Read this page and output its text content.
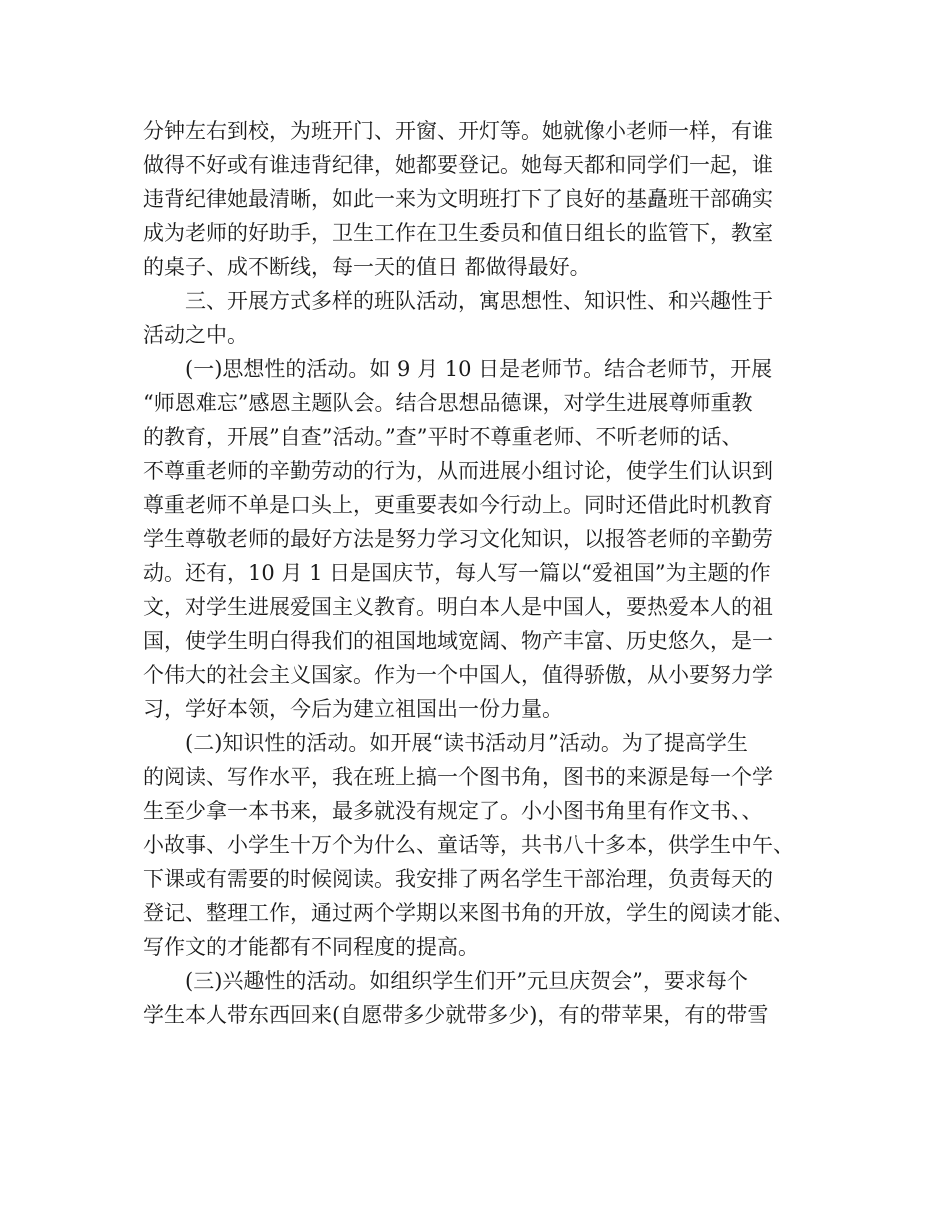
分钟左右到校，为班开门、开窗、开灯等。她就像小老师一样，有谁
做得不好或有谁违背纪律，她都要登记。她每天都和同学们一起，谁
违背纪律她最清晰，如此一来为文明班打下了良好的基矗班干部确实
成为老师的好助手，卫生工作在卫生委员和值日组长的监管下，教室
的桌子、成不断线，每一天的值日 都做得最好。
三、开展方式多样的班队活动，寓思想性、知识性、和兴趣性于
活动之中。
(一)思想性的活动。如 9 月 10 日是老师节。结合老师节，开展
“师恩难忘”感恩主题队会。结合思想品德课，对学生进展尊师重教
的教育，开展”自查”活动。”查”平时不尊重老师、不听老师的话、
不尊重老师的辛勤劳动的行为，从而进展小组讨论，使学生们认识到
尊重老师不单是口头上，更重要表如今行动上。同时还借此时机教育
学生尊敬老师的最好方法是努力学习文化知识，以报答老师的辛勤劳
动。还有，10 月 1 日是国庆节，每人写一篇以“爱祖国”为主题的作
文，对学生进展爱国主义教育。明白本人是中国人，要热爱本人的祖
国，使学生明白得我们的祖国地域宽阔、物产丰富、历史悠久，是一
个伟大的社会主义国家。作为一个中国人，值得骄傲，从小要努力学
习，学好本领，今后为建立祖国出一份力量。
(二)知识性的活动。如开展“读书活动月”活动。为了提高学生
的阅读、写作水平，我在班上搞一个图书角，图书的来源是每一个学
生至少拿一本书来，最多就没有规定了。小小图书角里有作文书、、
小故事、小学生十万个为什么、童话等，共书八十多本，供学生中午、
下课或有需要的时候阅读。我安排了两名学生干部治理，负责每天的
登记、整理工作，通过两个学期以来图书角的开放，学生的阅读才能、
写作文的才能都有不同程度的提高。
(三)兴趣性的活动。如组织学生们开”元旦庆贺会”，要求每个
学生本人带东西回来(自愿带多少就带多少)，有的带苹果，有的带雪
